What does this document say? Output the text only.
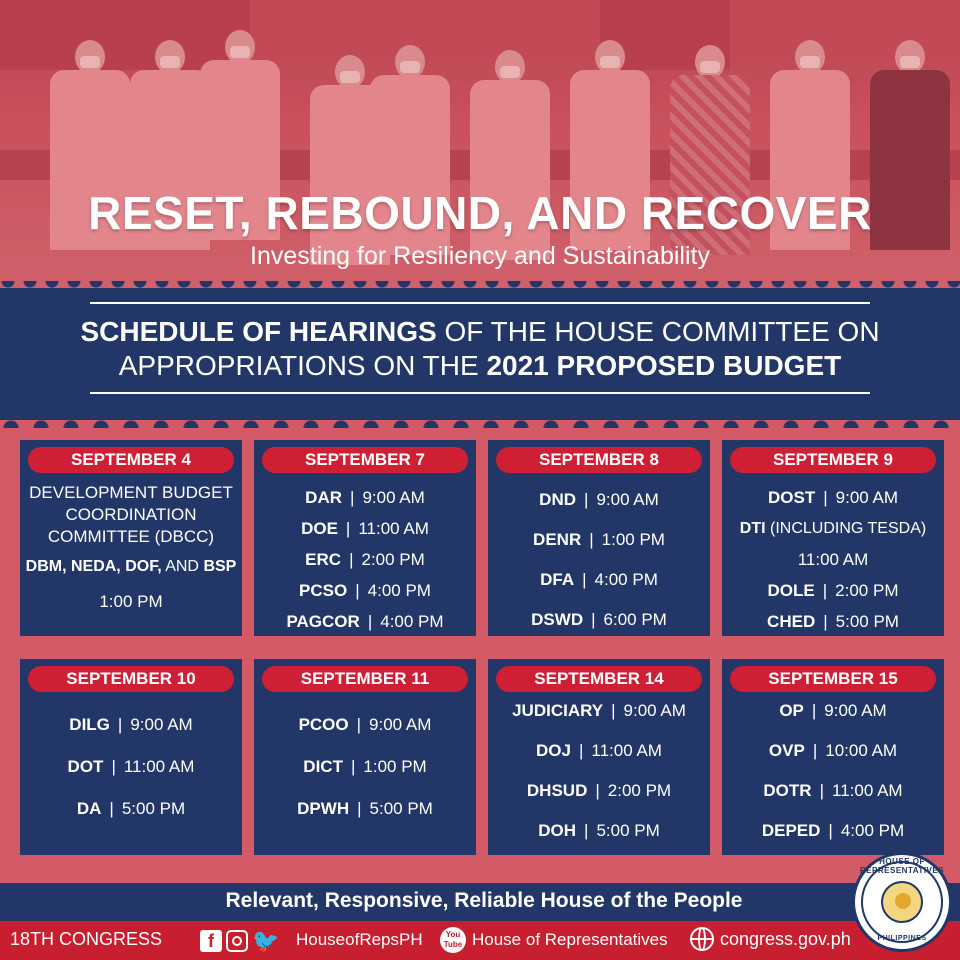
RESET, REBOUND, AND RECOVER
Investing for Resiliency and Sustainability
SCHEDULE OF HEARINGS OF THE HOUSE COMMITTEE ON
APPROPRIATIONS ON THE 2021 PROPOSED BUDGET
SEPTEMBER 4
DEVELOPMENT BUDGET
COORDINATION
COMMITTEE (DBCC)
DBM, NEDA, DOF, AND BSP
1:00 PM
SEPTEMBER 7
DAR | 9:00 AM
DOE | 11:00 AM
ERC | 2:00 PM
PCSO | 4:00 PM
PAGCOR | 4:00 PM
SEPTEMBER 8
DND | 9:00 AM
DENR | 1:00 PM
DFA | 4:00 PM
DSWD | 6:00 PM
SEPTEMBER 9
DOST | 9:00 AM
DTI (INCLUDING TESDA)
11:00 AM
DOLE | 2:00 PM
CHED | 5:00 PM
SEPTEMBER 10
DILG | 9:00 AM
DOT | 11:00 AM
DA | 5:00 PM
SEPTEMBER 11
PCOO | 9:00 AM
DICT | 1:00 PM
DPWH | 5:00 PM
SEPTEMBER 14
JUDICIARY | 9:00 AM
DOJ | 11:00 AM
DHSUD | 2:00 PM
DOH | 5:00 PM
SEPTEMBER 15
OP | 9:00 AM
OVP | 10:00 AM
DOTR | 11:00 AM
DEPED | 4:00 PM
Relevant, Responsive, Reliable House of the People
18TH CONGRESS	f	🐦 HouseofRepsPH	You Tube House of Representatives	congress.gov.ph
HOUSE OF REPRESENTATIVES
PHILIPPINES
